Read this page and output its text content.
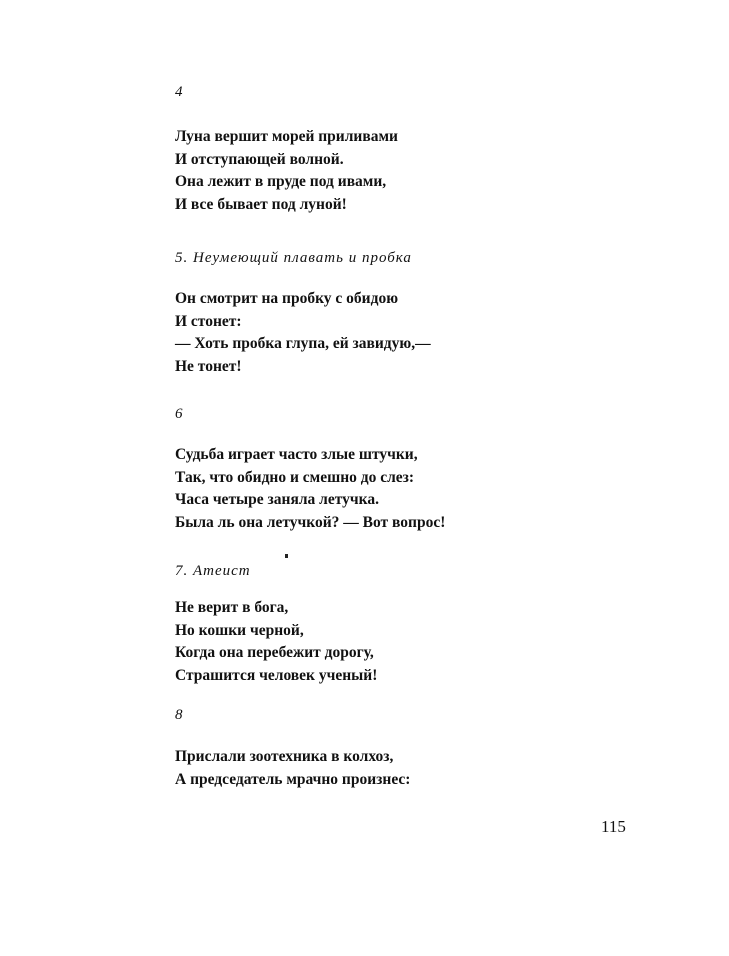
4
Луна вершит морей приливами
И отступающей волной.
Она лежит в пруде под ивами,
И все бывает под луной!
5. Неумеющий плавать и пробка
Он смотрит на пробку с обидою
И стонет:
— Хоть пробка глупа, ей завидую,—
Не тонет!
6
Судьба играет часто злые штучки,
Так, что обидно и смешно до слез:
Часа четыре заняла летучка.
Была ль она летучкой? — Вот вопрос!
7. Атеист
Не верит в бога,
Но кошки черной,
Когда она перебежит дорогу,
Страшится человек ученый!
8
Прислали зоотехника в колхоз,
А председатель мрачно произнес:
115
